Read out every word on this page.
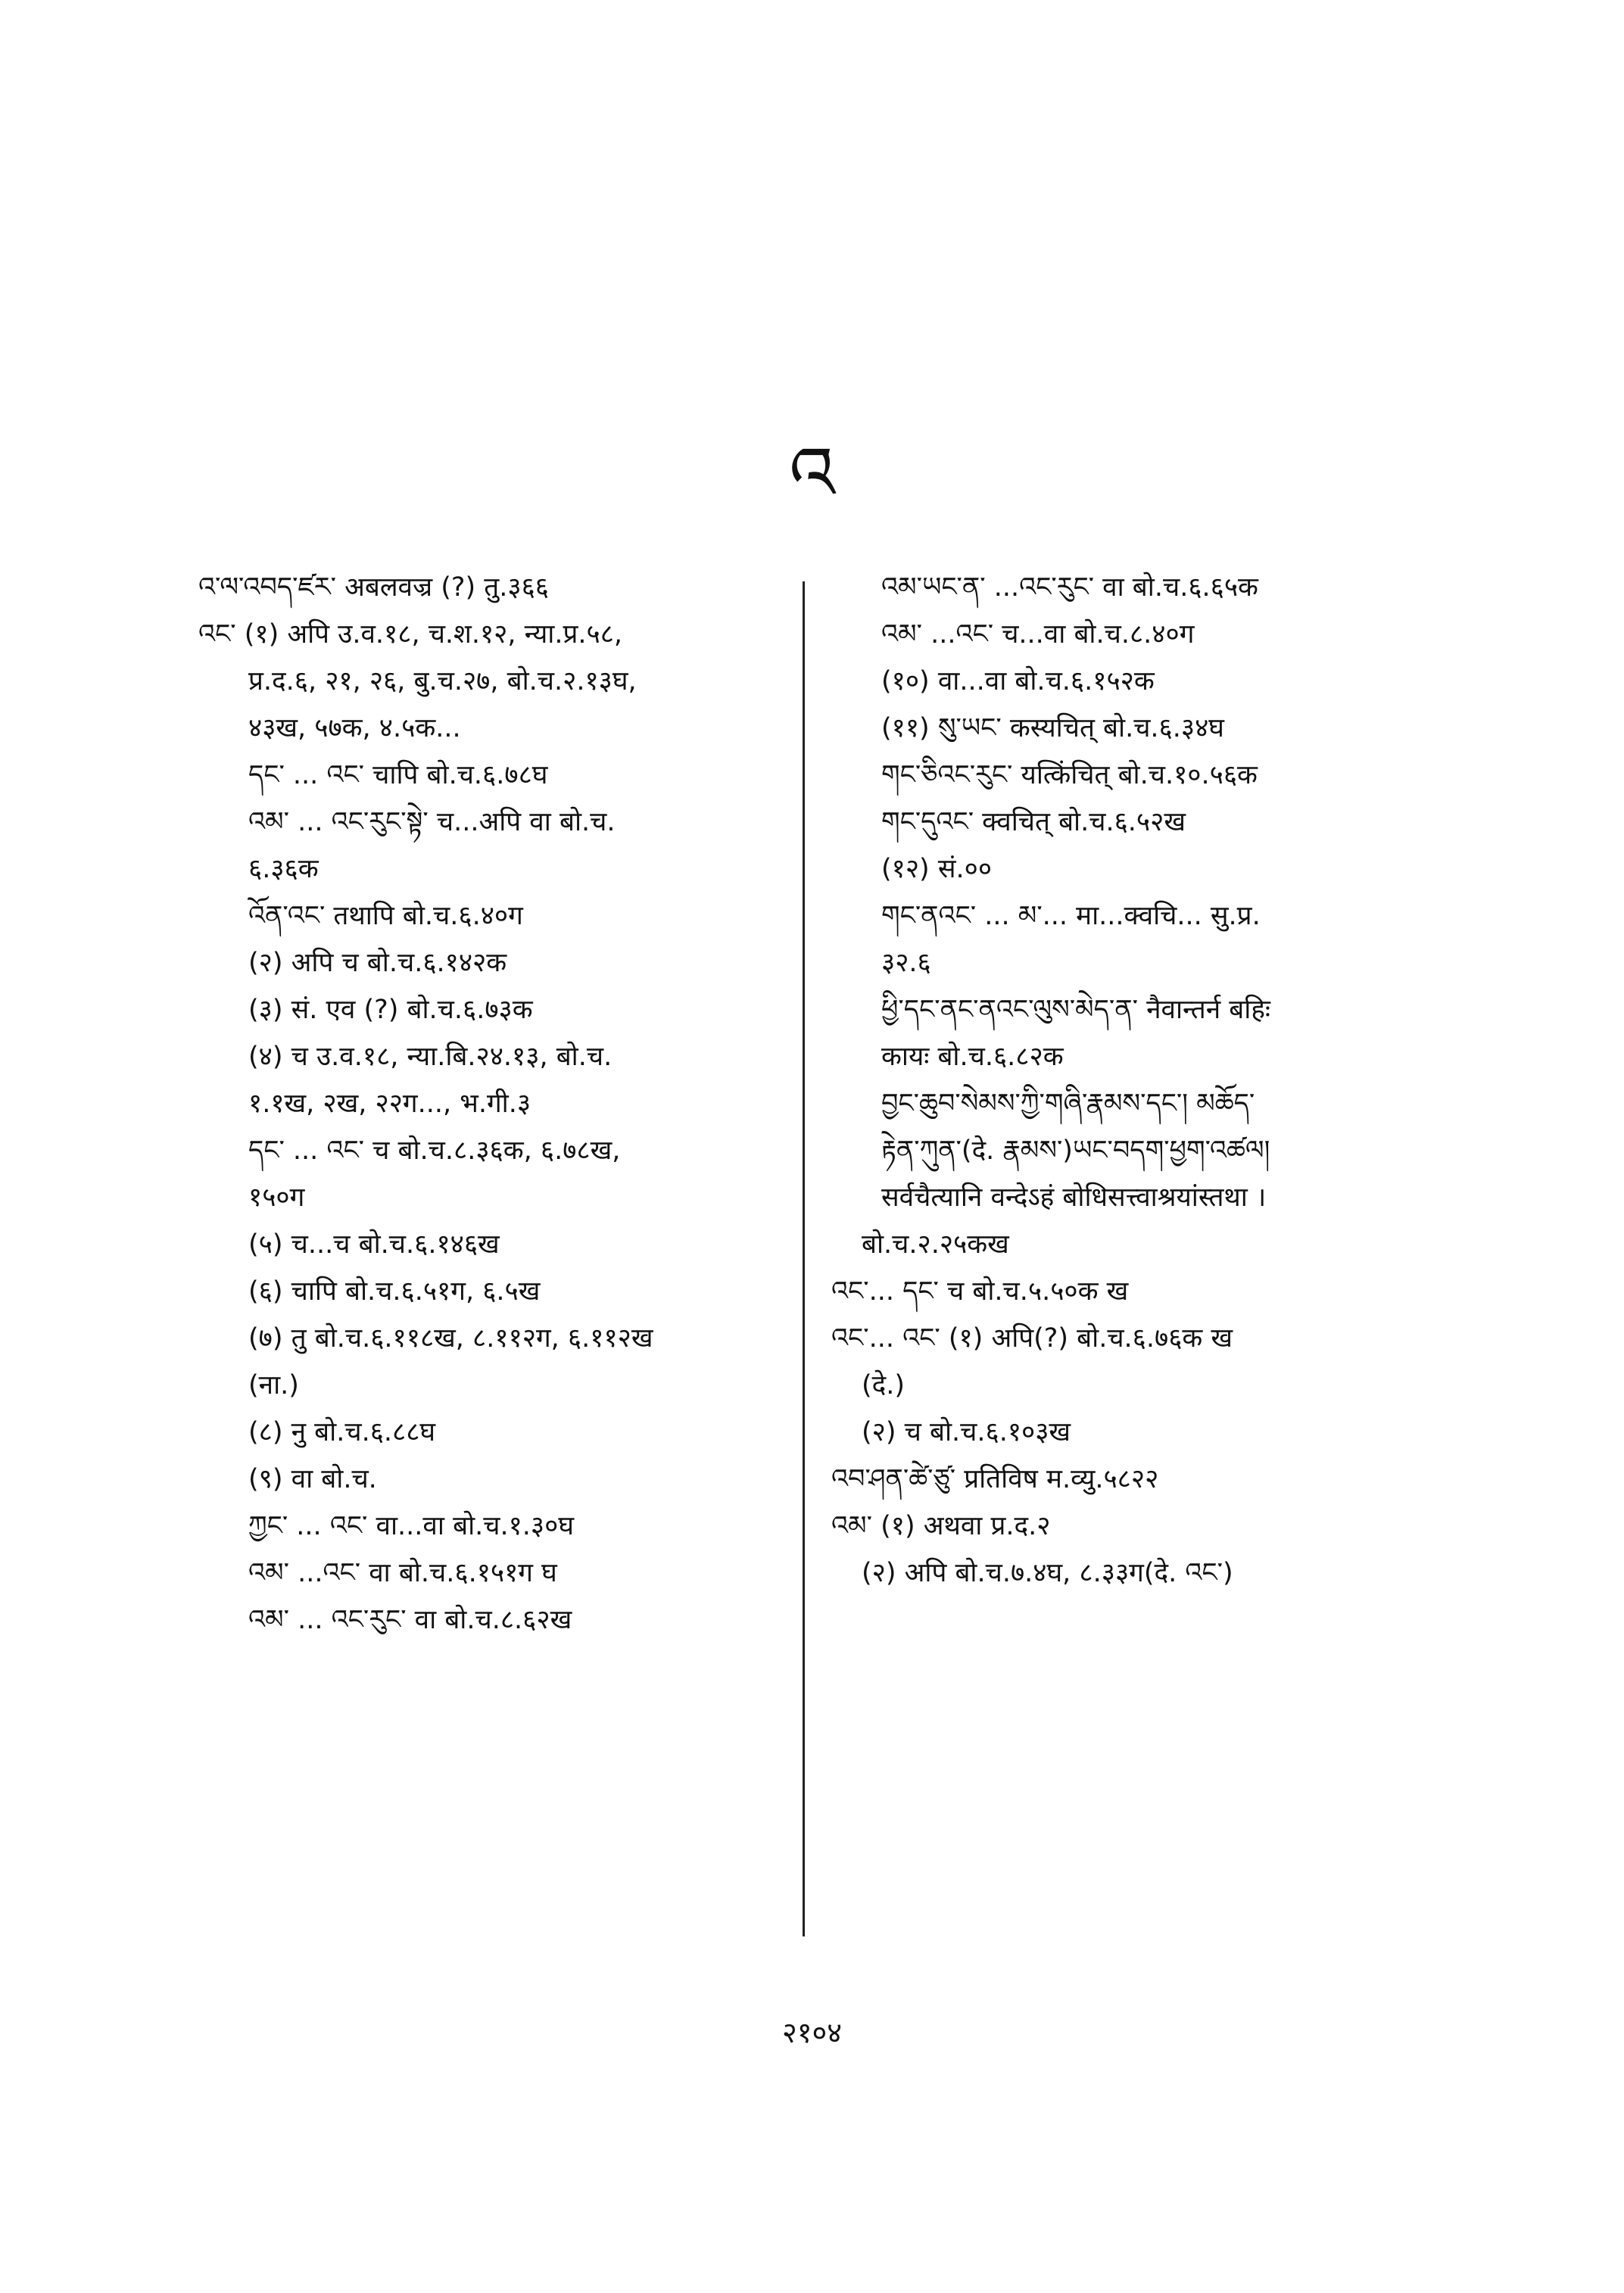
འ
འ་ལ་འབད་ཛར་ अबलवज्र (?) तु.३६६
འང་ (१) अपि उ.व.१८, च.श.१२, न्या.प्र.५८,
प्र.द.६, २१, २६, बु.च.२७, बो.च.२.१३घ,
४३ख, ५७क, ४.५क...
དང་ ... འང་ चापि बो.च.६.७८घ
འམ་ ... འང་རུང་སྟེ་ च...अपि वा बो.च.
६.३६क
འོན་འང་ तथापि बो.च.६.४०ग
(२) अपि च बो.च.६.१४२क
(३) सं. एव (?) बो.च.६.७३क
(४) च उ.व.१८, न्या.बि.२४.१३, बो.च.
१.१ख, २ख, २२ग..., भ.गी.३
དང་ ... འང་ च बो.च.८.३६क, ६.७८ख,
१५०ग
(५) च...च बो.च.६.१४६ख
(६) चापि बो.च.६.५१ग, ६.५ख
(७) तु बो.च.६.११८ख, ८.११२ग, ६.११२ख
(ना.)
(८) नु बो.च.६.८८घ
(९) वा बो.च.
ཀྱང་ ... འང་ वा...वा बो.च.१.३०घ
འམ་ ...འང་ वा बो.च.६.१५१ग घ
འམ་ ... འང་རུང་ वा बो.च.८.६२ख
འམ་ཡང་ན་ ...འང་རུང་ वा बो.च.६.६५क
འམ་ ...འང་ च...वा बो.च.८.४०ग
(१०) वा...वा बो.च.६.१५२क
(११) སུ་ཡང་ कस्यचित् बो.च.६.३४घ
གང་ཅིའང་རུང་ यत्किंचित् बो.च.१०.५६क
གང་དུའང་ क्वचित् बो.च.६.५२ख
(१२) सं.००
གང་ནའང་ ... མ་... मा...क्वचि... सु.प्र.
३२.६
ཕྱི་དང་ནང་ནའང་ལུས་མེད་ན་ नैवान्तर्न बहिः
कायः बो.च.६.८२क
བྱང་ཆུབ་སེམས་ཀྱི་གཞི་རྣམས་དང་། མཆོད་
རྟེན་ཀུན་(दे. རྣམས་)ཡང་བདག་ཕྱག་འཚལ།
सर्वचैत्यानि वन्देऽहं बोधिसत्त्वाश्रयांस्तथा ।
बो.च.२.२५कख
འང་... དང་ च बो.च.५.५०क ख
འང་... འང་ (१) अपि(?) बो.च.६.७६क ख
(दे.)
(२) च बो.च.६.१०३ख
འབ་ཤན་ཚེ་ཙུ་ प्रतिविष म.व्यु.५८२२
འམ་ (१) अथवा प्र.द.२
(२) अपि बो.च.७.४घ, ८.३३ग(दे. འང་)
२१०४
